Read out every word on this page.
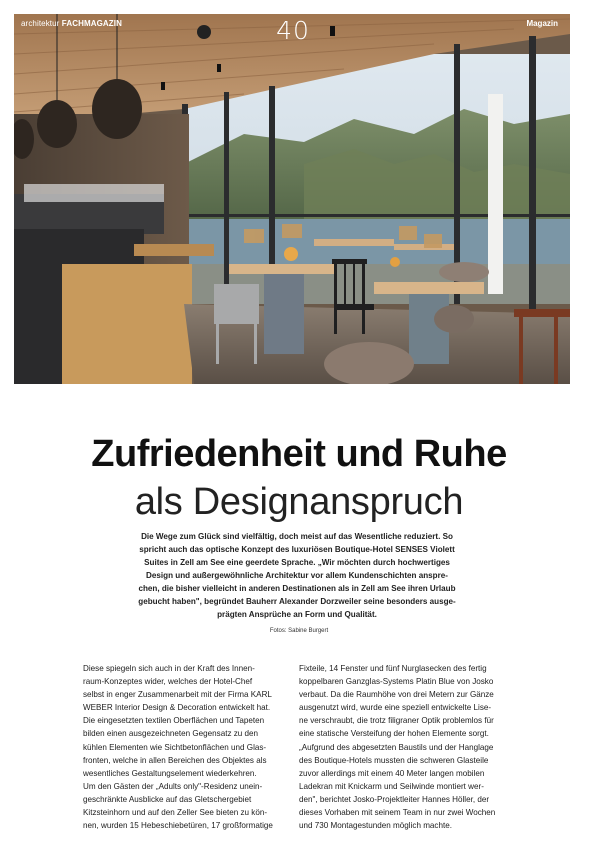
architektur FACHMAGAZIN	40	Magazin
Zufriedenheit und Ruhe
als Designanspruch
Die Wege zum Glück sind vielfältig, doch meist auf das Wesentliche reduziert. So
spricht auch das optische Konzept des luxuriösen Boutique-Hotel SENSES Violett
Suites in Zell am See eine geerdete Sprache. „Wir möchten durch hochwertiges
Design und außergewöhnliche Architektur vor allem Kundenschichten anspre-
chen, die bisher vielleicht in anderen Destinationen als in Zell am See ihren Urlaub
gebucht haben", begründet Bauherr Alexander Dorzweiler seine besonders ausge-
prägten Ansprüche an Form und Qualität.
Fotos: Sabine Burgert
Diese spiegeln sich auch in der Kraft des Innen-
raum-Konzeptes wider, welches der Hotel-Chef
selbst in enger Zusammenarbeit mit der Firma KARL
WEBER Interior Design & Decoration entwickelt hat.
Die eingesetzten textilen Oberflächen und Tapeten
bilden einen ausgezeichneten Gegensatz zu den
kühlen Elementen wie Sichtbetonflächen und Glas-
fronten, welche in allen Bereichen des Objektes als
wesentliches Gestaltungselement wiederkehren.
Um den Gästen der „Adults only"-Residenz unein-
geschränkte Ausblicke auf das Gletschergebiet
Kitzsteinhorn und auf den Zeller See bieten zu kön-
nen, wurden 15 Hebeschiebetüren, 17 großformatige
Fixteile, 14 Fenster und fünf Nurglasecken des fertig
koppelbaren Ganzglas-Systems Platin Blue von Josko
verbaut. Da die Raumhöhe von drei Metern zur Gänze
ausgenutzt wird, wurde eine speziell entwickelte Lise-
ne verschraubt, die trotz filigraner Optik problemlos für
eine statische Versteifung der hohen Elemente sorgt.
„Aufgrund des abgesetzten Baustils und der Hanglage
des Boutique-Hotels mussten die schweren Glasteile
zuvor allerdings mit einem 40 Meter langen mobilen
Ladekran mit Knickarm und Seilwinde montiert wer-
den", berichtet Josko-Projektleiter Hannes Höller, der
dieses Vorhaben mit seinem Team in nur zwei Wochen
und 730 Montagestunden möglich machte.
